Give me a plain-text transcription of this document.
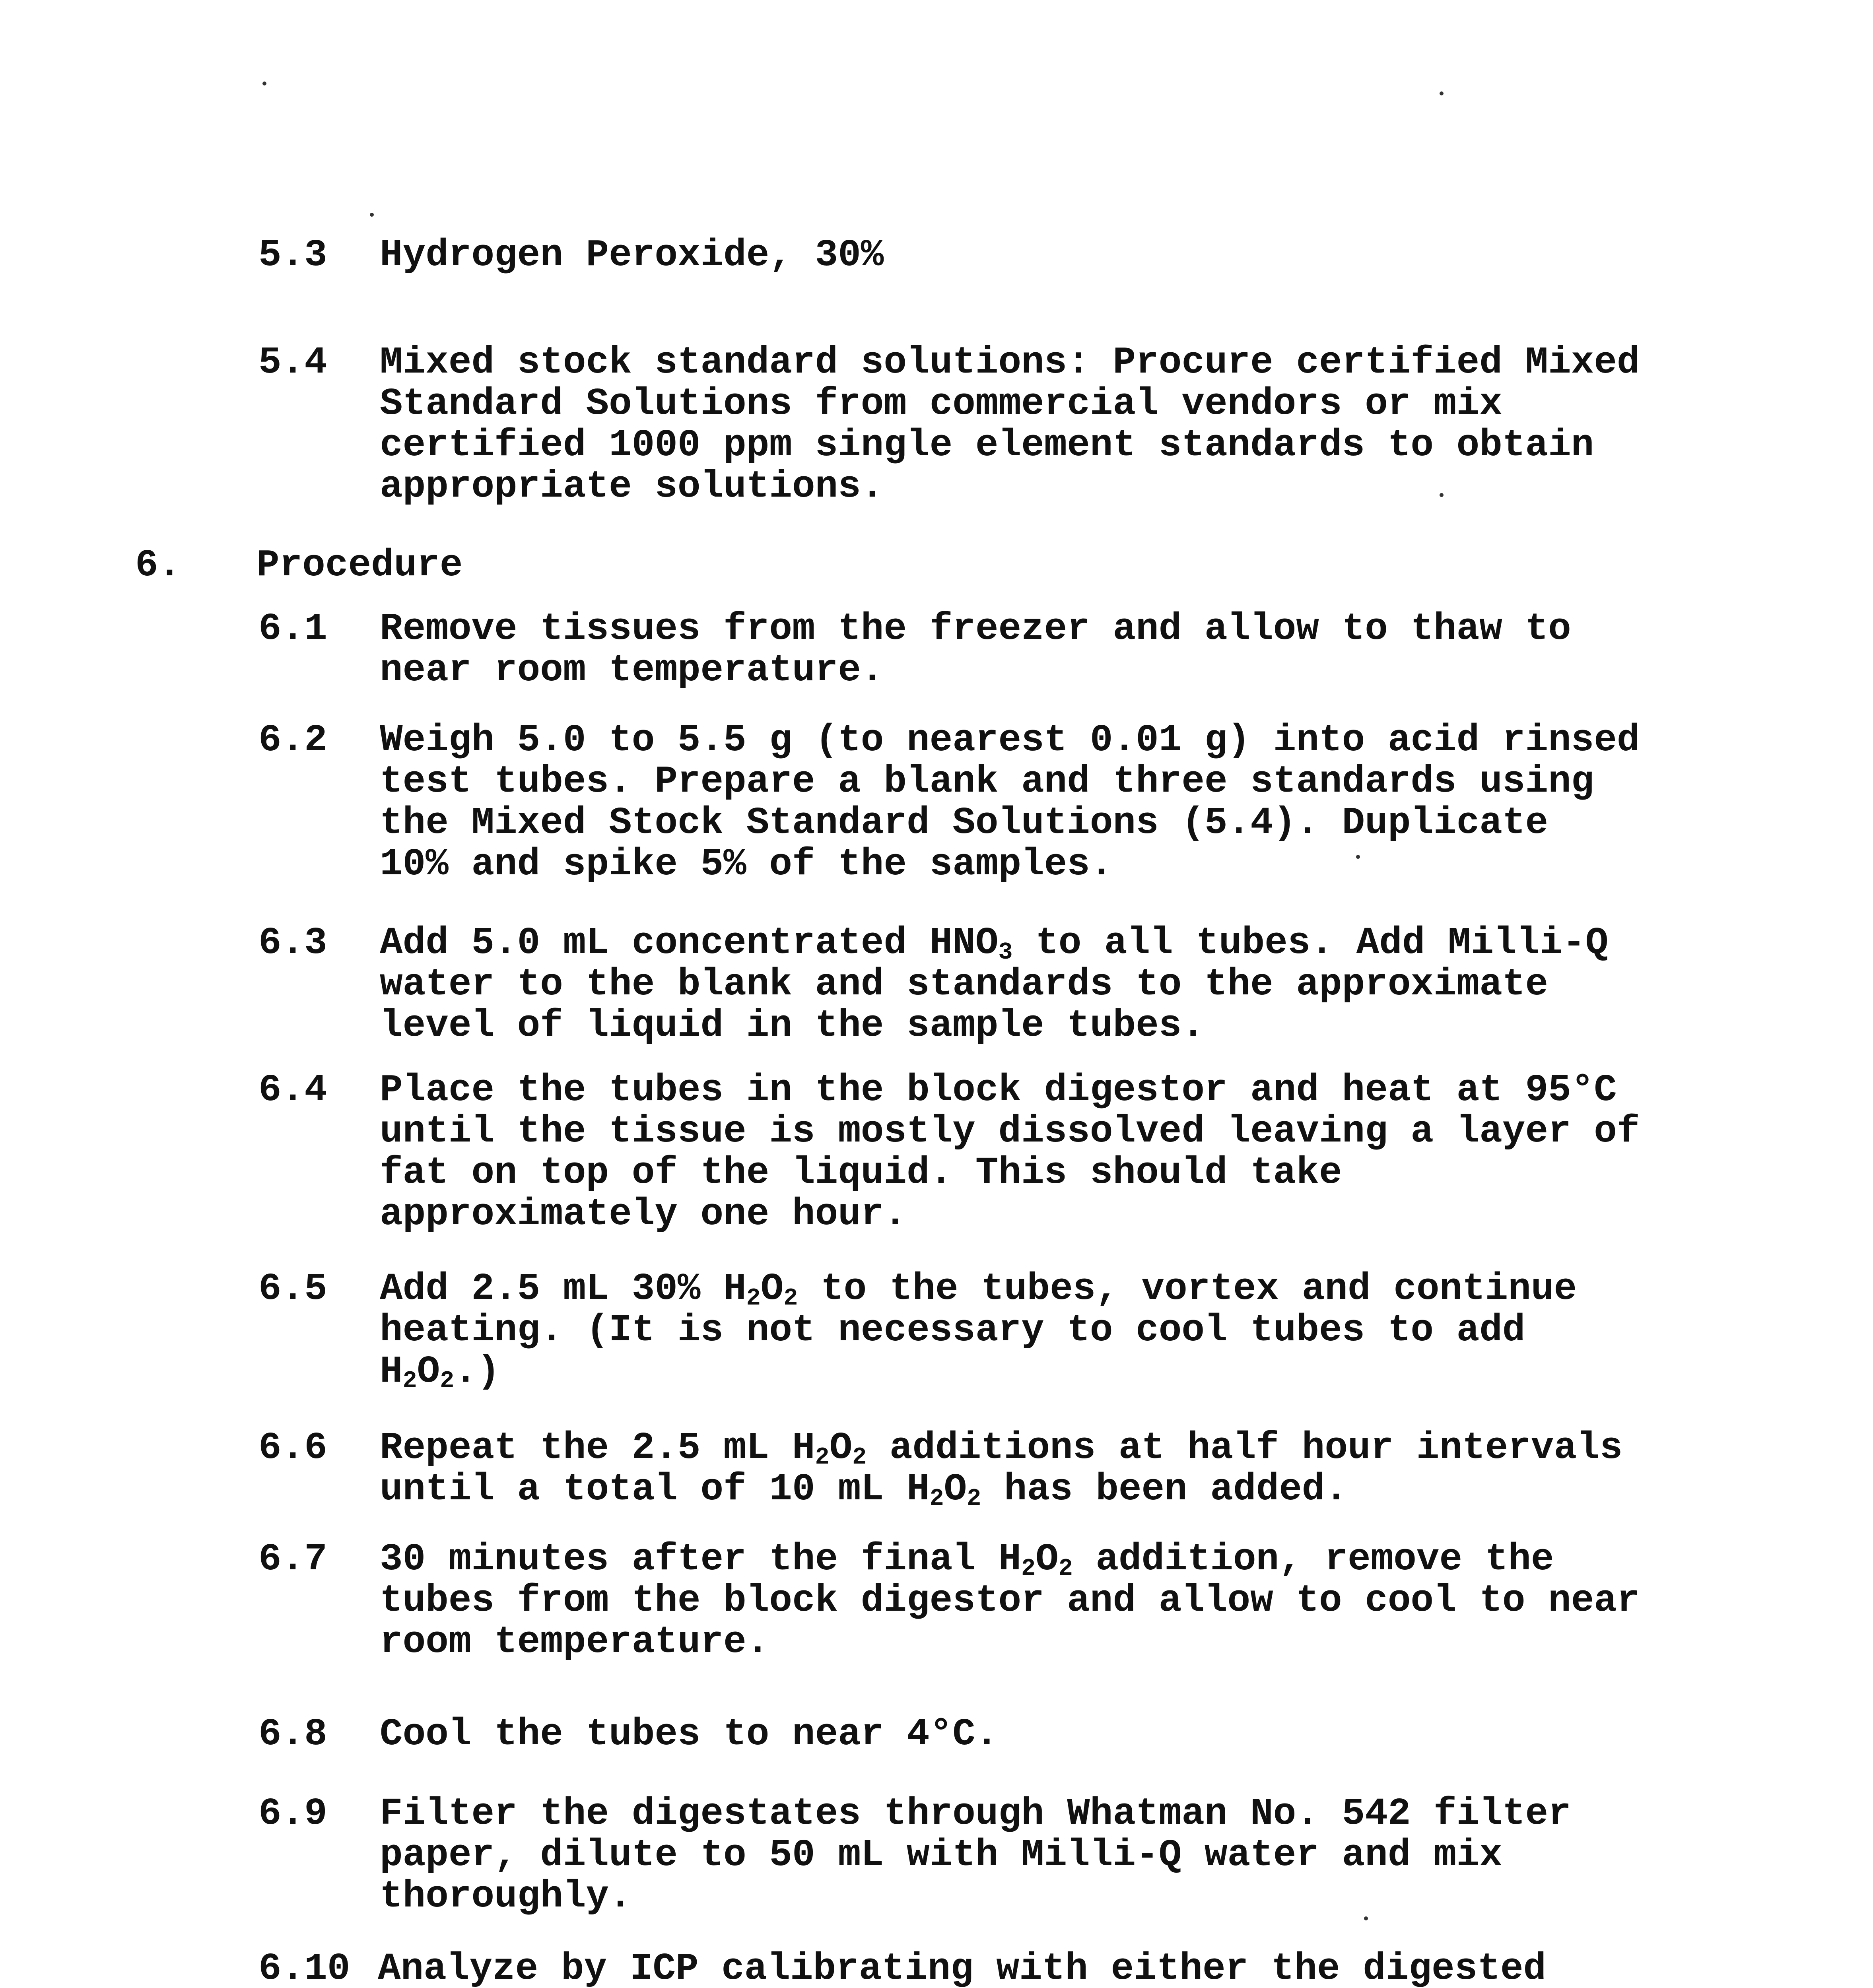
5.3 Hydrogen Peroxide, 30%
5.4 Mixed stock standard solutions: Procure certified Mixed
Standard Solutions from commercial vendors or mix
certified 1000 ppm single element standards to obtain
appropriate solutions.
6. Procedure
6.1 Remove tissues from the freezer and allow to thaw to
near room temperature.
6.2 Weigh 5.0 to 5.5 g (to nearest 0.01 g) into acid rinsed
test tubes. Prepare a blank and three standards using
the Mixed Stock Standard Solutions (5.4). Duplicate
10% and spike 5% of the samples.
6.3 Add 5.0 mL concentrated $HNO_3$ to all tubes. Add Milli-Q
water to the blank and standards to the approximate
level of liquid in the sample tubes.
6.4 Place the tubes in the block digestor and heat at 95°C
until the tissue is mostly dissolved leaving a layer of
fat on top of the liquid. This should take
approximately one hour.
6.5 Add 2.5 mL 30% $H_2O_2$ to the tubes, vortex and continue
heating. (It is not necessary to cool tubes to add
$H_2O_2$.)
6.6 Repeat the 2.5 mL $H_2O_2$ additions at half hour intervals
until a total of 10 mL $H_2O_2$ has been added.
6.7 30 minutes after the final $H_2O_2$ addition, remove the
tubes from the block digestor and allow to cool to near
room temperature.
6.8 Cool the tubes to near 4°C.
6.9 Filter the digestates through Whatman No. 542 filter
paper, dilute to 50 mL with Milli-Q water and mix
thoroughly.
6.10 Analyze by ICP calibrating with either the digested
